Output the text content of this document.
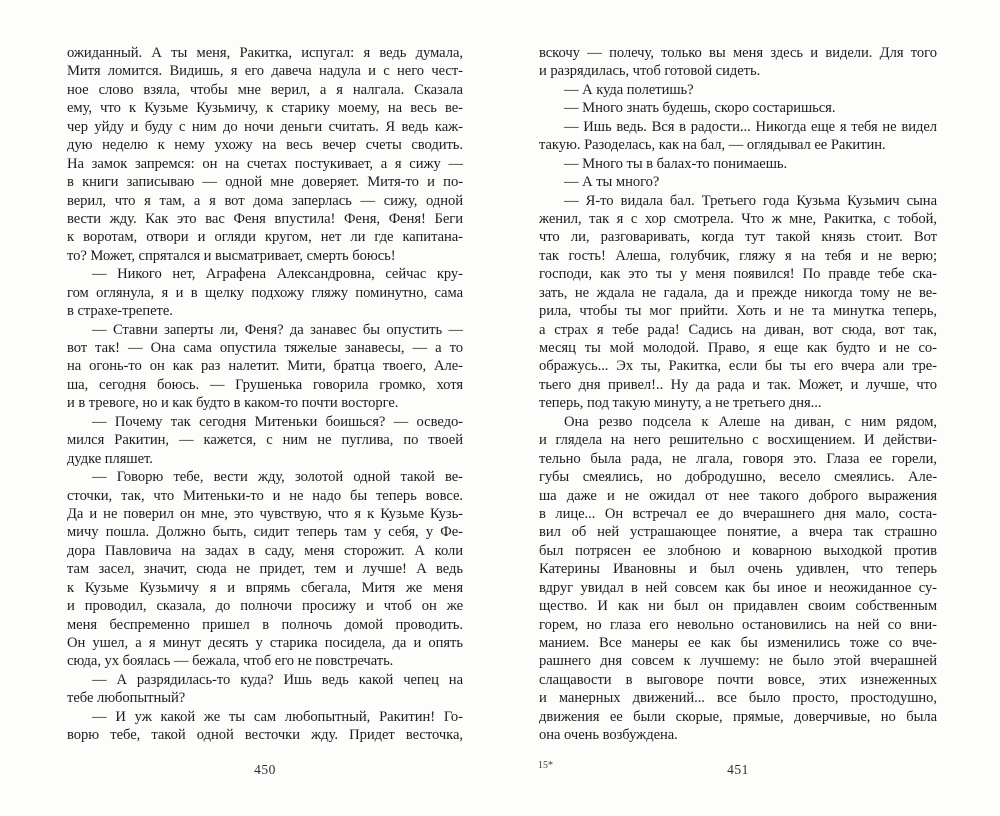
ожиданный. А ты меня, Ракитка, испугал: я ведь думала,
Митя ломится. Видишь, я его давеча надула и с него чест-
ное слово взяла, чтобы мне верил, а я налгала. Сказала
ему, что к Кузьме Кузьмичу, к старику моему, на весь ве-
чер уйду и буду с ним до ночи деньги считать. Я ведь каж-
дую неделю к нему ухожу на весь вечер счеты сводить.
На замок запремся: он на счетах постукивает, а я сижу —
в книги записываю — одной мне доверяет. Митя-то и по-
верил, что я там, а я вот дома заперлась — сижу, одной
вести жду. Как это вас Феня впустила! Феня, Феня! Беги
к воротам, отвори и огляди кругом, нет ли где капитана-
то? Может, спрятался и высматривает, смерть боюсь!
— Никого нет, Аграфена Александровна, сейчас кру-
гом оглянула, я и в щелку подхожу гляжу поминутно, сама
в страхе-трепете.
— Ставни заперты ли, Феня? да занавес бы опустить —
вот так! — Она сама опустила тяжелые занавесы, — а то
на огонь-то он как раз налетит. Мити, братца твоего, Але-
ша, сегодня боюсь. — Грушенька говорила громко, хотя
и в тревоге, но и как будто в каком-то почти восторге.
— Почему так сегодня Митеньки боишься? — осведо-
мился Ракитин, — кажется, с ним не пуглива, по твоей
дудке пляшет.
— Говорю тебе, вести жду, золотой одной такой ве-
сточки, так, что Митеньки-то и не надо бы теперь вовсе.
Да и не поверил он мне, это чувствую, что я к Кузьме Кузь-
мичу пошла. Должно быть, сидит теперь там у себя, у Фе-
дора Павловича на задах в саду, меня сторожит. А коли
там засел, значит, сюда не придет, тем и лучше! А ведь
к Кузьме Кузьмичу я и впрямь сбегала, Митя же меня
и проводил, сказала, до полночи просижу и чтоб он же
меня беспременно пришел в полночь домой проводить.
Он ушел, а я минут десять у старика посидела, да и опять
сюда, ух боялась — бежала, чтоб его не повстречать.
— А разрядилась-то куда? Ишь ведь какой чепец на
тебе любопытный?
— И уж какой же ты сам любопытный, Ракитин! Го-
ворю тебе, такой одной весточки жду. Придет весточка,
450
вскочу — полечу, только вы меня здесь и видели. Для того
и разрядилась, чтоб готовой сидеть.
— А куда полетишь?
— Много знать будешь, скоро состаришься.
— Ишь ведь. Вся в радости... Никогда еще я тебя не видел
такую. Разоделась, как на бал, — оглядывал ее Ракитин.
— Много ты в балах-то понимаешь.
— А ты много?
— Я-то видала бал. Третьего года Кузьма Кузьмич сына
женил, так я с хор смотрела. Что ж мне, Ракитка, с тобой,
что ли, разговаривать, когда тут такой князь стоит. Вот
так гость! Алеша, голубчик, гляжу я на тебя и не верю;
господи, как это ты у меня появился! По правде тебе ска-
зать, не ждала не гадала, да и прежде никогда тому не ве-
рила, чтобы ты мог прийти. Хоть и не та минутка теперь,
а страх я тебе рада! Садись на диван, вот сюда, вот так,
месяц ты мой молодой. Право, я еще как будто и не со-
ображусь... Эх ты, Ракитка, если бы ты его вчера али тре-
тьего дня привел!.. Ну да рада и так. Может, и лучше, что
теперь, под такую минуту, а не третьего дня...
Она резво подсела к Алеше на диван, с ним рядом,
и глядела на него решительно с восхищением. И действи-
тельно была рада, не лгала, говоря это. Глаза ее горели,
губы смеялись, но добродушно, весело смеялись. Але-
ша даже и не ожидал от нее такого доброго выражения
в лице... Он встречал ее до вчерашнего дня мало, соста-
вил об ней устрашающее понятие, а вчера так страшно
был потрясен ее злобною и коварною выходкой против
Катерины Ивановны и был очень удивлен, что теперь
вдруг увидал в ней совсем как бы иное и неожиданное су-
щество. И как ни был он придавлен своим собственным
горем, но глаза его невольно остановились на ней со вни-
манием. Все манеры ее как бы изменились тоже со вче-
рашнего дня совсем к лучшему: не было этой вчерашней
слащавости в выговоре почти вовсе, этих изнеженных
и манерных движений... все было просто, простодушно,
движения ее были скорые, прямые, доверчивые, но была
она очень возбуждена.
15*	451
